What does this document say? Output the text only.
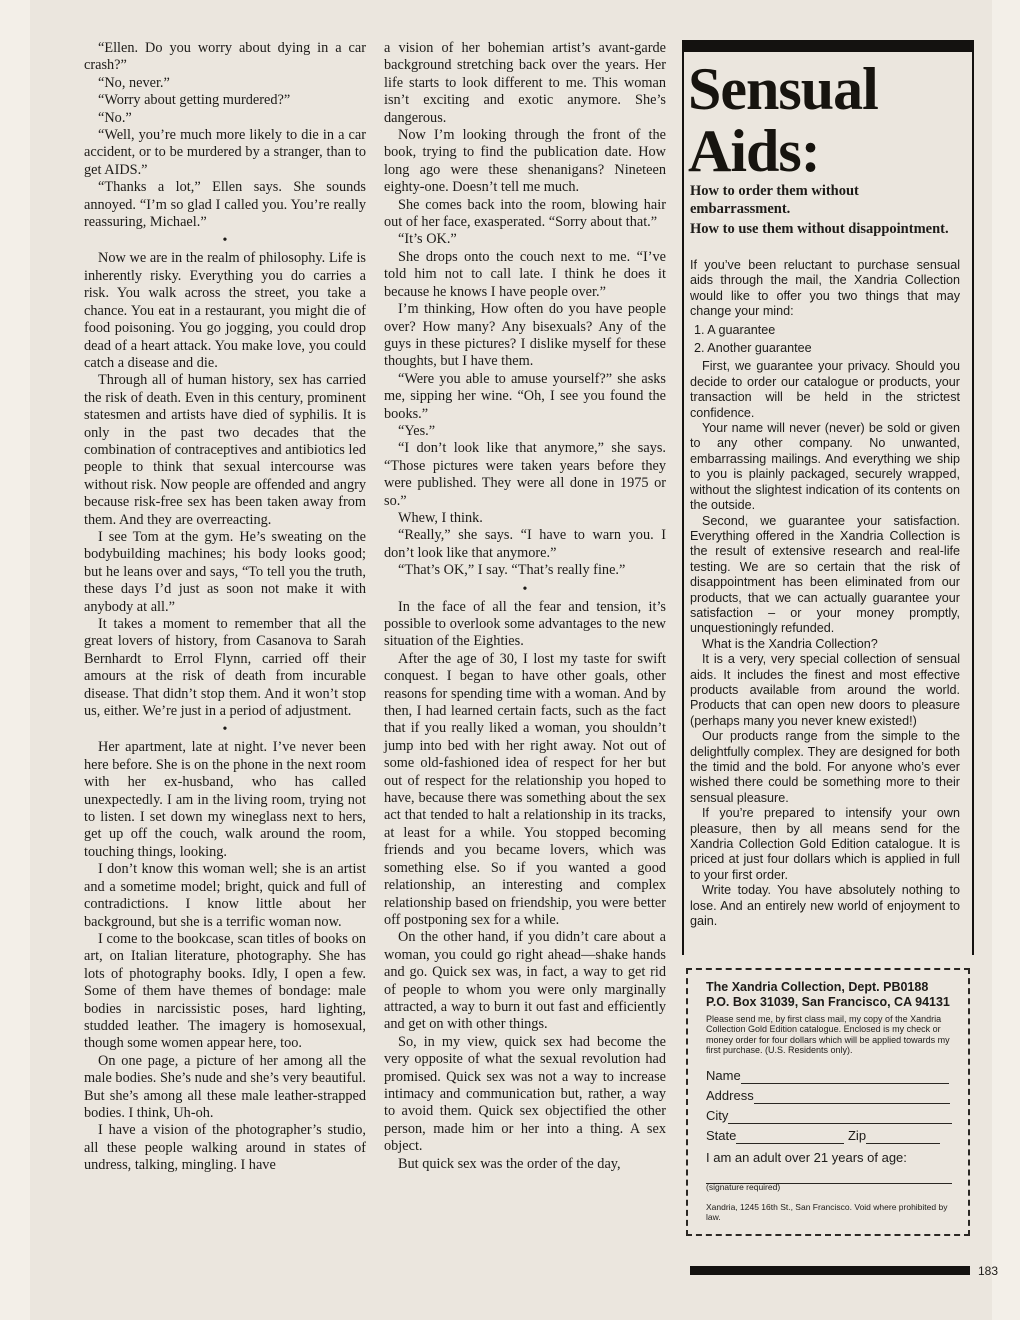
“Ellen. Do you worry about dying in a car crash?”

“No, never.”

“Worry about getting murdered?”

“No.”

“Well, you’re much more likely to die in a car accident, or to be murdered by a stranger, than to get AIDS.”

“Thanks a lot,” Ellen says. She sounds annoyed. “I’m so glad I called you. You’re really reassuring, Michael.”

•

Now we are in the realm of philosophy. Life is inherently risky. Everything you do carries a risk. You walk across the street, you take a chance. You eat in a restaurant, you might die of food poisoning. You go jogging, you could drop dead of a heart attack. You make love, you could catch a disease and die.

Through all of human history, sex has carried the risk of death. Even in this century, prominent statesmen and artists have died of syphilis. It is only in the past two decades that the combination of contraceptives and antibiotics led people to think that sexual intercourse was without risk. Now people are offended and angry because risk-free sex has been taken away from them. And they are overreacting.

I see Tom at the gym. He’s sweating on the bodybuilding machines; his body looks good; but he leans over and says, “To tell you the truth, these days I’d just as soon not make it with anybody at all.”

It takes a moment to remember that all the great lovers of history, from Casanova to Sarah Bernhardt to Errol Flynn, carried off their amours at the risk of death from incurable disease. That didn’t stop them. And it won’t stop us, either. We’re just in a period of adjustment.

•

Her apartment, late at night. I’ve never been here before. She is on the phone in the next room with her ex-husband, who has called unexpectedly. I am in the living room, trying not to listen. I set down my wineglass next to hers, get up off the couch, walk around the room, touching things, looking.

I don’t know this woman well; she is an artist and a sometime model; bright, quick and full of contradictions. I know little about her background, but she is a terrific woman now.

I come to the bookcase, scan titles of books on art, on Italian literature, photography. She has lots of photography books. Idly, I open a few. Some of them have themes of bondage: male bodies in narcissistic poses, hard lighting, studded leather. The imagery is homosexual, though some women appear here, too.

On one page, a picture of her among all the male bodies. She’s nude and she’s very beautiful. But she’s among all these male leather-strapped bodies. I think, Uh-oh.

I have a vision of the photographer’s studio, all these people walking around in states of undress, talking, mingling. I have

a vision of her bohemian artist’s avant-garde background stretching back over the years. Her life starts to look different to me. This woman isn’t exciting and exotic anymore. She’s dangerous.

Now I’m looking through the front of the book, trying to find the publication date. How long ago were these shenanigans? Nineteen eighty-one. Doesn’t tell me much.

She comes back into the room, blowing hair out of her face, exasperated. “Sorry about that.”

“It’s OK.”

She drops onto the couch next to me. “I’ve told him not to call late. I think he does it because he knows I have people over.”

I’m thinking, How often do you have people over? How many? Any bisexuals? Any of the guys in these pictures? I dislike myself for these thoughts, but I have them.

“Were you able to amuse yourself?” she asks me, sipping her wine. “Oh, I see you found the books.”

“Yes.”

“I don’t look like that anymore,” she says. “Those pictures were taken years before they were published. They were all done in 1975 or so.”

Whew, I think.

“Really,” she says. “I have to warn you. I don’t look like that anymore.”

“That’s OK,” I say. “That’s really fine.”

•

In the face of all the fear and tension, it’s possible to overlook some advantages to the new situation of the Eighties.

After the age of 30, I lost my taste for swift conquest. I began to have other goals, other reasons for spending time with a woman. And by then, I had learned certain facts, such as the fact that if you really liked a woman, you shouldn’t jump into bed with her right away. Not out of some old-fashioned idea of respect for her but out of respect for the relationship you hoped to have, because there was something about the sex act that tended to halt a relationship in its tracks, at least for a while. You stopped becoming friends and you became lovers, which was something else. So if you wanted a good relationship, an interesting and complex relationship based on friendship, you were better off postponing sex for a while.

On the other hand, if you didn’t care about a woman, you could go right ahead—shake hands and go. Quick sex was, in fact, a way to get rid of people to whom you were only marginally attracted, a way to burn it out fast and efficiently and get on with other things.

So, in my view, quick sex had become the very opposite of what the sexual revolution had promised. Quick sex was not a way to increase intimacy and communication but, rather, a way to avoid them. Quick sex objectified the other person, made him or her into a thing. A sex object.

But quick sex was the order of the day,

Sensual
Aids:
How to order them without embarrassment.
How to use them without disappointment.

If you’ve been reluctant to purchase sensual aids through the mail, the Xandria Collection would like to offer you two things that may change your mind:

1. A guarantee

2. Another guarantee

First, we guarantee your privacy. Should you decide to order our catalogue or products, your transaction will be held in the strictest confidence.

Your name will never (never) be sold or given to any other company. No unwanted, embarrassing mailings. And everything we ship to you is plainly packaged, securely wrapped, without the slightest indication of its contents on the outside.

Second, we guarantee your satisfaction. Everything offered in the Xandria Collection is the result of extensive research and real-life testing. We are so certain that the risk of disappointment has been eliminated from our products, that we can actually guarantee your satisfaction – or your money promptly, unquestioningly refunded.

What is the Xandria Collection?

It is a very, very special collection of sensual aids. It includes the finest and most effective products available from around the world. Products that can open new doors to pleasure (perhaps many you never knew existed!)

Our products range from the simple to the delightfully complex. They are designed for both the timid and the bold. For anyone who’s ever wished there could be something more to their sensual pleasure.

If you’re prepared to intensify your own pleasure, then by all means send for the Xandria Collection Gold Edition catalogue. It is priced at just four dollars which is applied in full to your first order.

Write today. You have absolutely nothing to lose. And an entirely new world of enjoyment to gain.

The Xandria Collection, Dept. PB0188
P.O. Box 31039, San Francisco, CA 94131
Please send me, by first class mail, my copy of the Xandria Collection Gold Edition catalogue. Enclosed is my check or money order for four dollars which will be applied towards my first purchase. (U.S. Residents only).
Name
Address
City
State	Zip
I am an adult over 21 years of age:
(signature required)
Xandria, 1245 16th St., San Francisco. Void where prohibited by law.
183
